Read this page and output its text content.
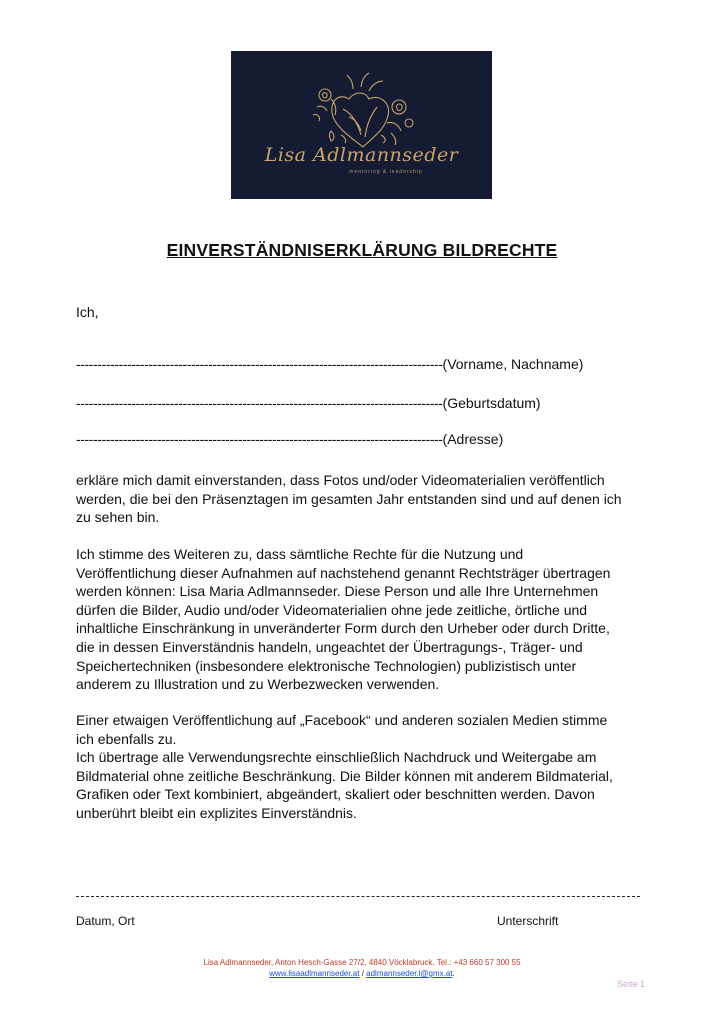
Lisa Adlmannseder
mentoring & leadership
EINVERSTÄNDNISERKLÄRUNG BILDRECHTE
Ich,
--------------------------------------------------------------------------------------(Vorname, Nachname)
--------------------------------------------------------------------------------------(Geburtsdatum)
--------------------------------------------------------------------------------------(Adresse)
erkläre mich damit einverstanden, dass Fotos und/oder Videomaterialien veröffentlich
werden, die bei den Präsenztagen im gesamten Jahr entstanden sind und auf denen ich
zu sehen bin.
Ich stimme des Weiteren zu, dass sämtliche Rechte für die Nutzung und
Veröffentlichung dieser Aufnahmen auf nachstehend genannt Rechtsträger übertragen
werden können: Lisa Maria Adlmannseder. Diese Person und alle Ihre Unternehmen
dürfen die Bilder, Audio und/oder Videomaterialien ohne jede zeitliche, örtliche und
inhaltliche Einschränkung in unveränderter Form durch den Urheber oder durch Dritte,
die in dessen Einverständnis handeln, ungeachtet der Übertragungs-, Träger- und
Speichertechniken (insbesondere elektronische Technologien) publizistisch unter
anderem zu Illustration und zu Werbezwecken verwenden.
Einer etwaigen Veröffentlichung auf „Facebook“ und anderen sozialen Medien stimme
ich ebenfalls zu.
Ich übertrage alle Verwendungsrechte einschließlich Nachdruck und Weitergabe am
Bildmaterial ohne zeitliche Beschränkung. Die Bilder können mit anderem Bildmaterial,
Grafiken oder Text kombiniert, abgeändert, skaliert oder beschnitten werden. Davon
unberührt bleibt ein explizites Einverständnis.
Datum, Ort	Unterschrift
Lisa Adlmannseder, Anton Hesch-Gasse 27/2, 4840 Vöcklabruck, Tel.: +43 660 57 300 55
www.lisaadlmannseder.at / adlmannseder.l@gmx.at.
Seite 1
